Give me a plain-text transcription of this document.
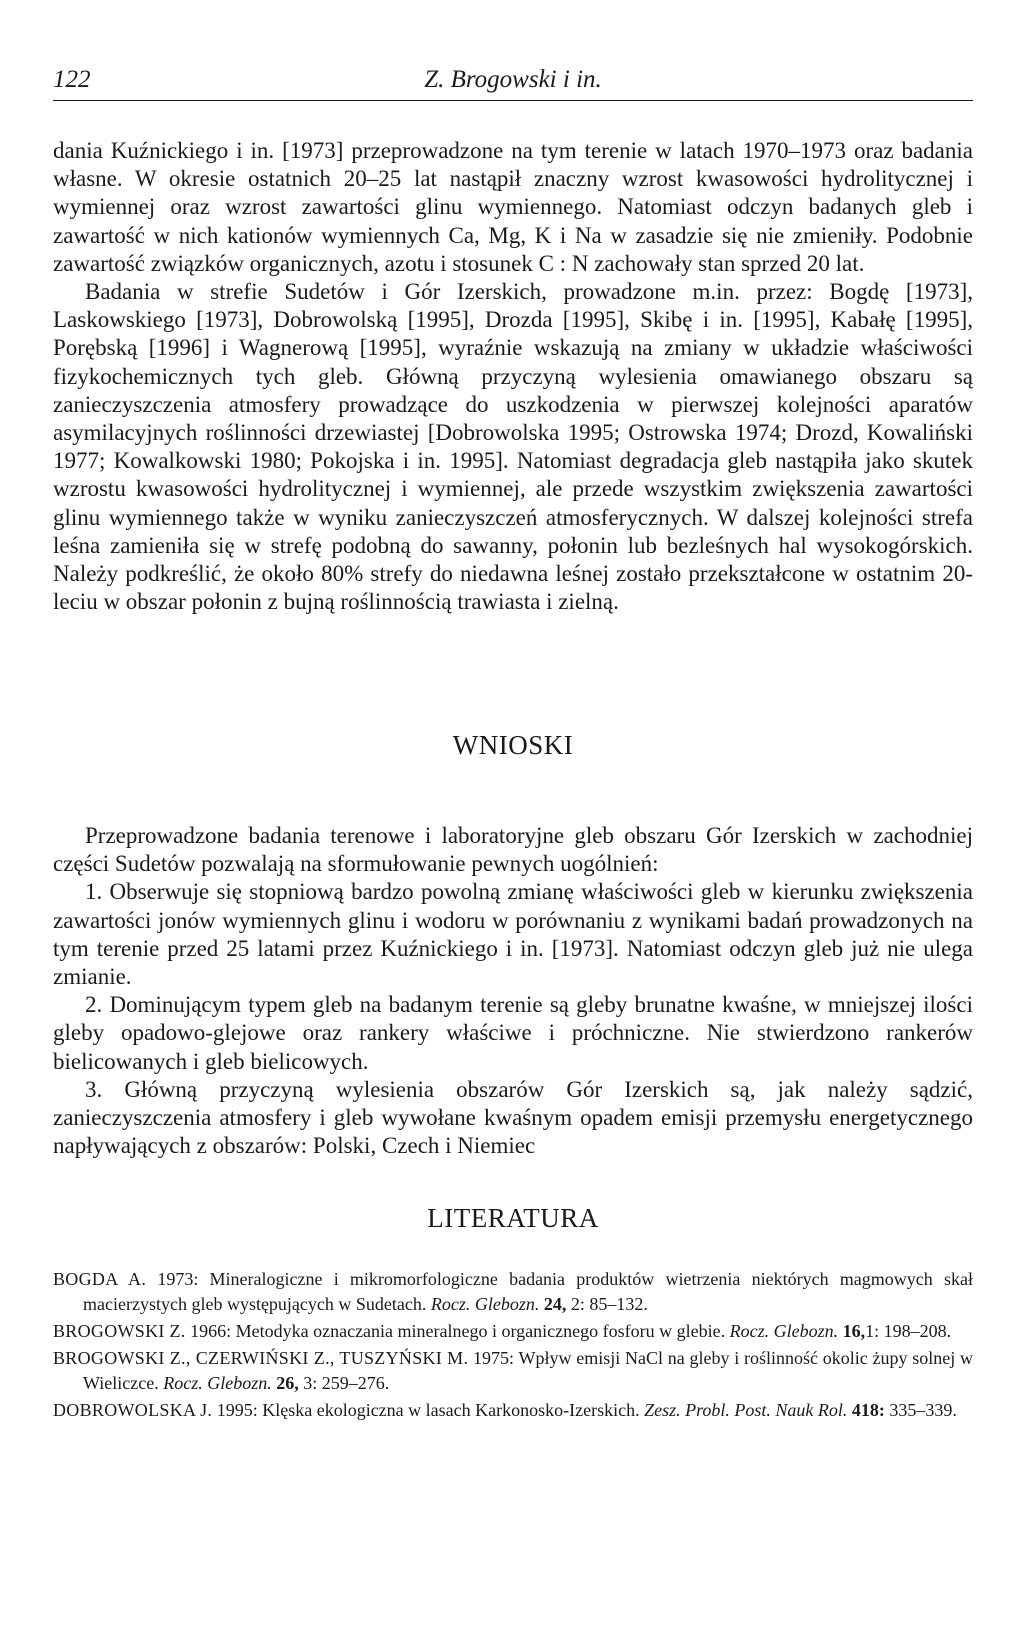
122	Z. Brogowski i in.

dania Kuźnickiego i in. [1973] przeprowadzone na tym terenie w latach 1970–1973 oraz badania własne. W okresie ostatnich 20–25 lat nastąpił znaczny wzrost kwasowości hydrolitycznej i wymiennej oraz wzrost zawartości glinu wymiennego. Natomiast odczyn badanych gleb i zawartość w nich kationów wymiennych Ca, Mg, K i Na w zasadzie się nie zmieniły. Podobnie zawartość związków organicznych, azotu i stosunek C : N zachowały stan sprzed 20 lat.

Badania w strefie Sudetów i Gór Izerskich, prowadzone m.in. przez: Bogdę [1973], Laskowskiego [1973], Dobrowolską [1995], Drozda [1995], Skibę i in. [1995], Kabałę [1995], Porębską [1996] i Wagnerową [1995], wyraźnie wskazują na zmiany w układzie właściwości fizykochemicznych tych gleb. Główną przyczyną wylesienia omawianego obszaru są zanieczyszczenia atmosfery prowadzące do uszkodzenia w pierwszej kolejności aparatów asymilacyjnych roślinności drzewiastej [Dobrowolska 1995; Ostrowska 1974; Drozd, Kowaliński 1977; Kowalkowski 1980; Pokojska i in. 1995]. Natomiast degradacja gleb nastąpiła jako skutek wzrostu kwasowości hydrolitycznej i wymiennej, ale przede wszystkim zwiększenia zawartości glinu wymiennego także w wyniku zanieczyszczeń atmosferycznych. W dalszej kolejności strefa leśna zamieniła się w strefę podobną do sawanny, połonin lub bezleśnych hal wysokogórskich. Należy podkreślić, że około 80% strefy do niedawna leśnej zostało przekształcone w ostatnim 20-leciu w obszar połonin z bujną roślinnością trawiasta i zielną.

WNIOSKI

Przeprowadzone badania terenowe i laboratoryjne gleb obszaru Gór Izerskich w zachodniej części Sudetów pozwalają na sformułowanie pewnych uogólnień:

1. Obserwuje się stopniową bardzo powolną zmianę właściwości gleb w kierunku zwiększenia zawartości jonów wymiennych glinu i wodoru w porównaniu z wynikami badań prowadzonych na tym terenie przed 25 latami przez Kuźnickiego i in. [1973]. Natomiast odczyn gleb już nie ulega zmianie.

2. Dominującym typem gleb na badanym terenie są gleby brunatne kwaśne, w mniejszej ilości gleby opadowo-glejowe oraz rankery właściwe i próchniczne. Nie stwierdzono rankerów bielicowanych i gleb bielicowych.

3. Główną przyczyną wylesienia obszarów Gór Izerskich są, jak należy sądzić, zanieczyszczenia atmosfery i gleb wywołane kwaśnym opadem emisji przemysłu energetycznego napływających z obszarów: Polski, Czech i Niemiec

LITERATURA

BOGDA A. 1973: Mineralogiczne i mikromorfologiczne badania produktów wietrzenia niektórych magmowych skał macierzystych gleb występujących w Sudetach. Rocz. Glebozn. 24, 2: 85–132.

BROGOWSKI Z. 1966: Metodyka oznaczania mineralnego i organicznego fosforu w glebie. Rocz. Glebozn. 16,1: 198–208.

BROGOWSKI Z., CZERWIŃSKI Z., TUSZYŃSKI M. 1975: Wpływ emisji NaCl na gleby i roślinność okolic żupy solnej w Wieliczce. Rocz. Glebozn. 26, 3: 259–276.

DOBROWOLSKA J. 1995: Klęska ekologiczna w lasach Karkonosko-Izerskich. Zesz. Probl. Post. Nauk Rol. 418: 335–339.
